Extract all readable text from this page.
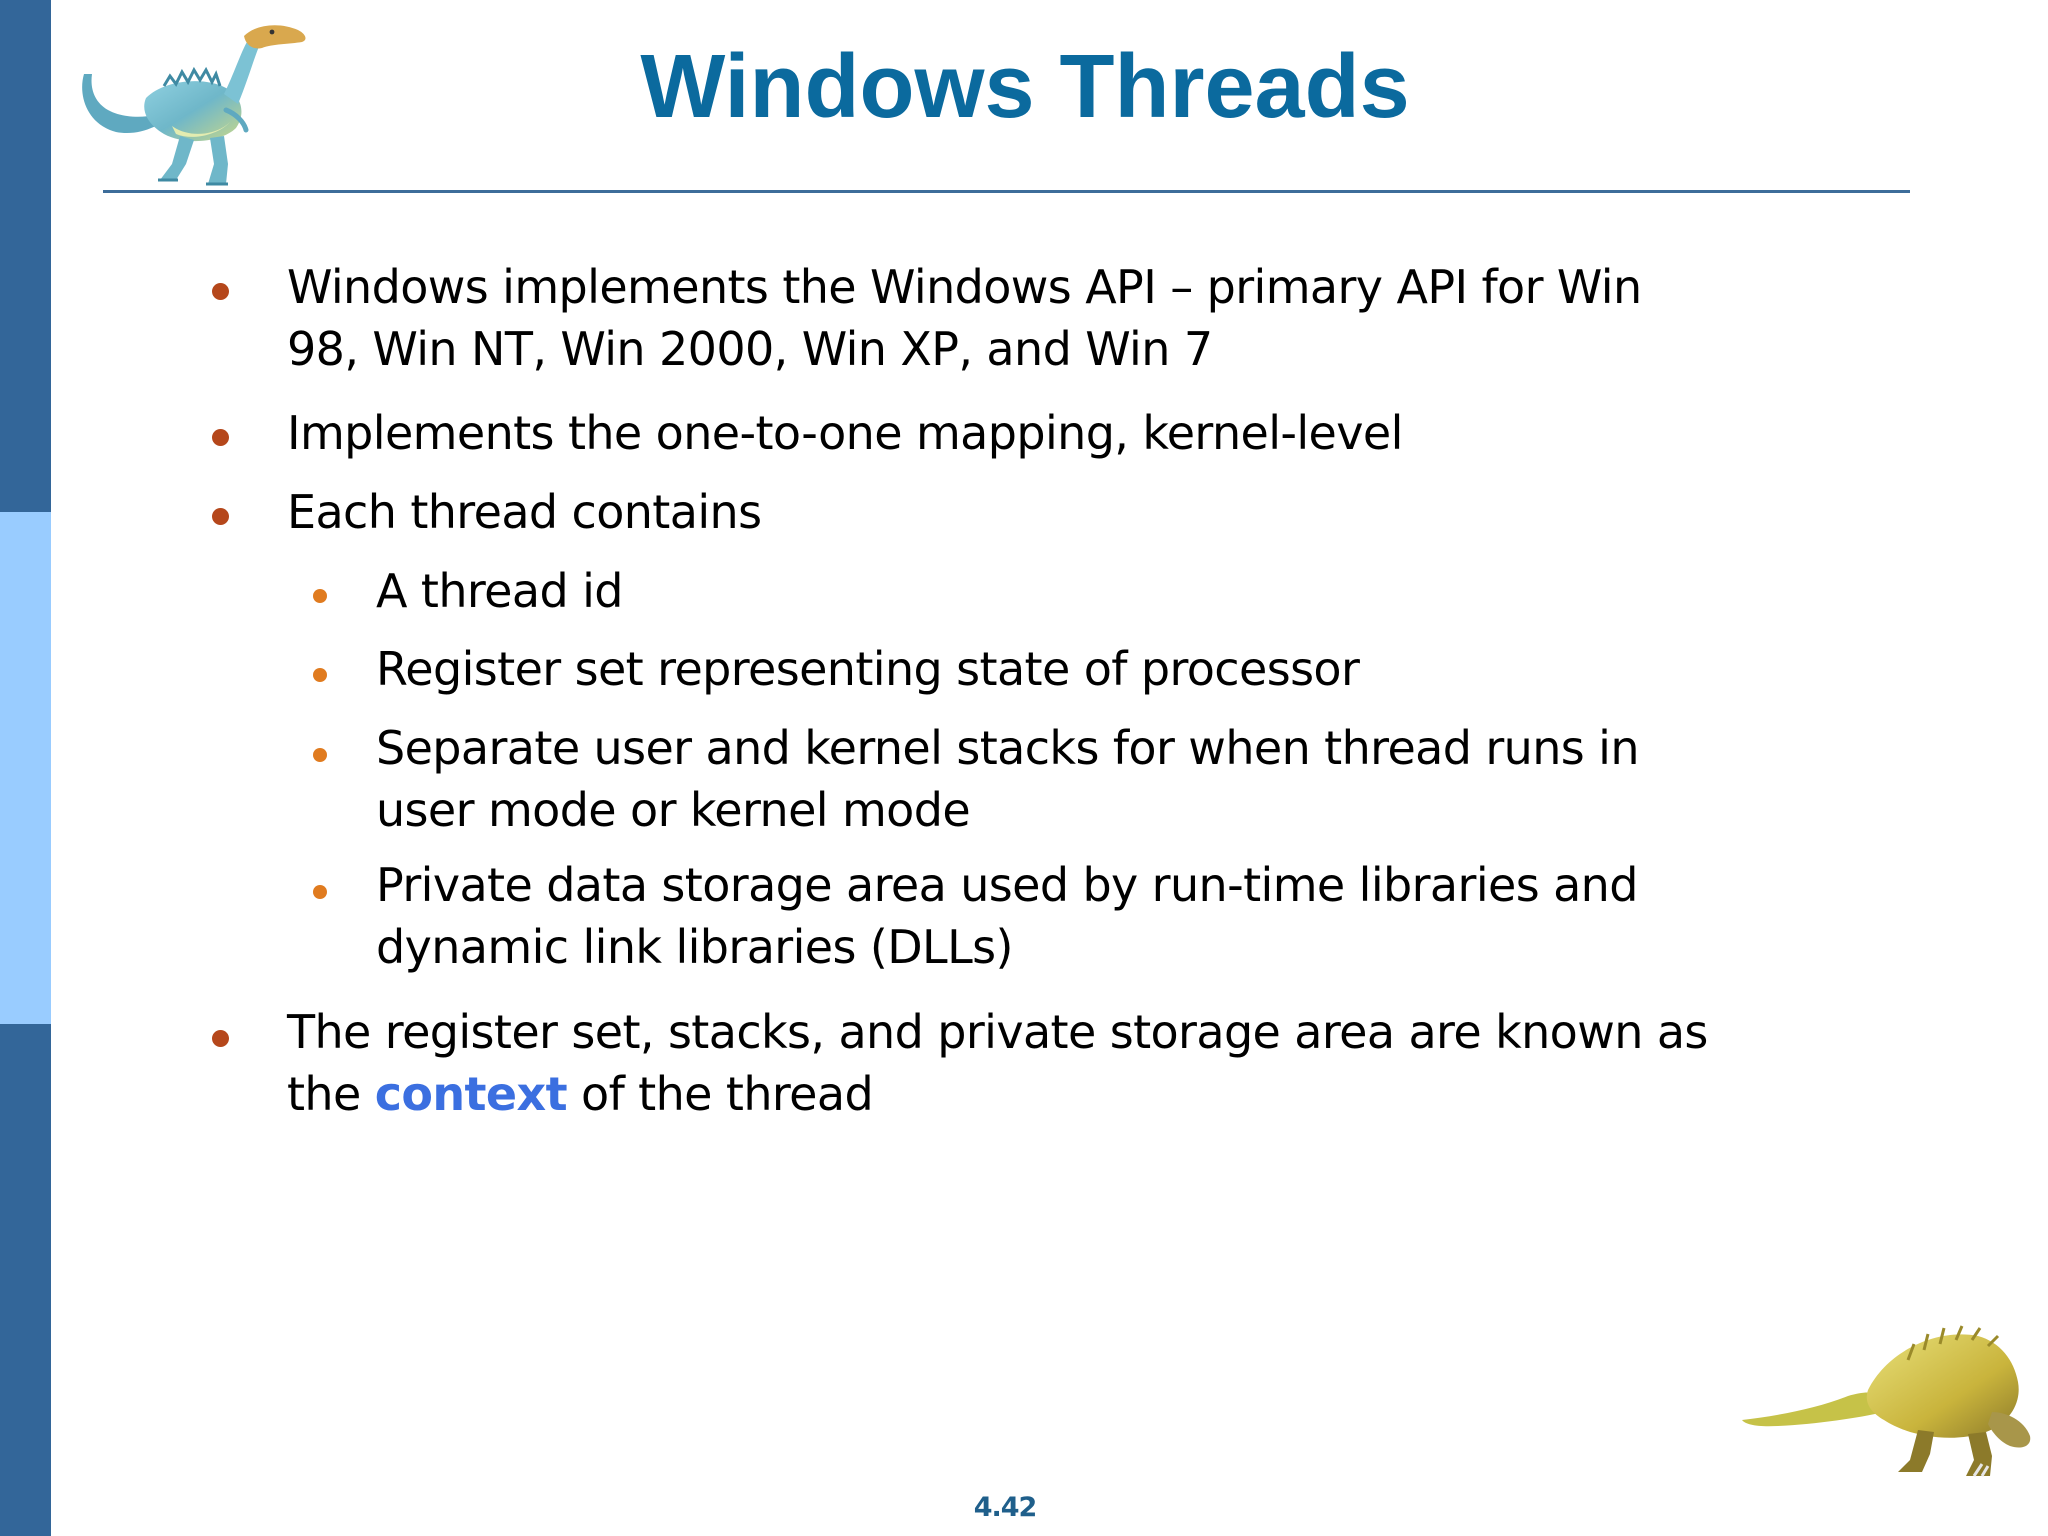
Windows Threads
Windows implements the Windows API – primary API for Win
98, Win NT, Win 2000, Win XP, and Win 7
Implements the one-to-one mapping, kernel-level
Each thread contains
A thread id
Register set representing state of processor
Separate user and kernel stacks for when thread runs in
user mode or kernel mode
Private data storage area used by run-time libraries and
dynamic link libraries (DLLs)
The register set, stacks, and private storage area are known as
the context of the thread
4.42
